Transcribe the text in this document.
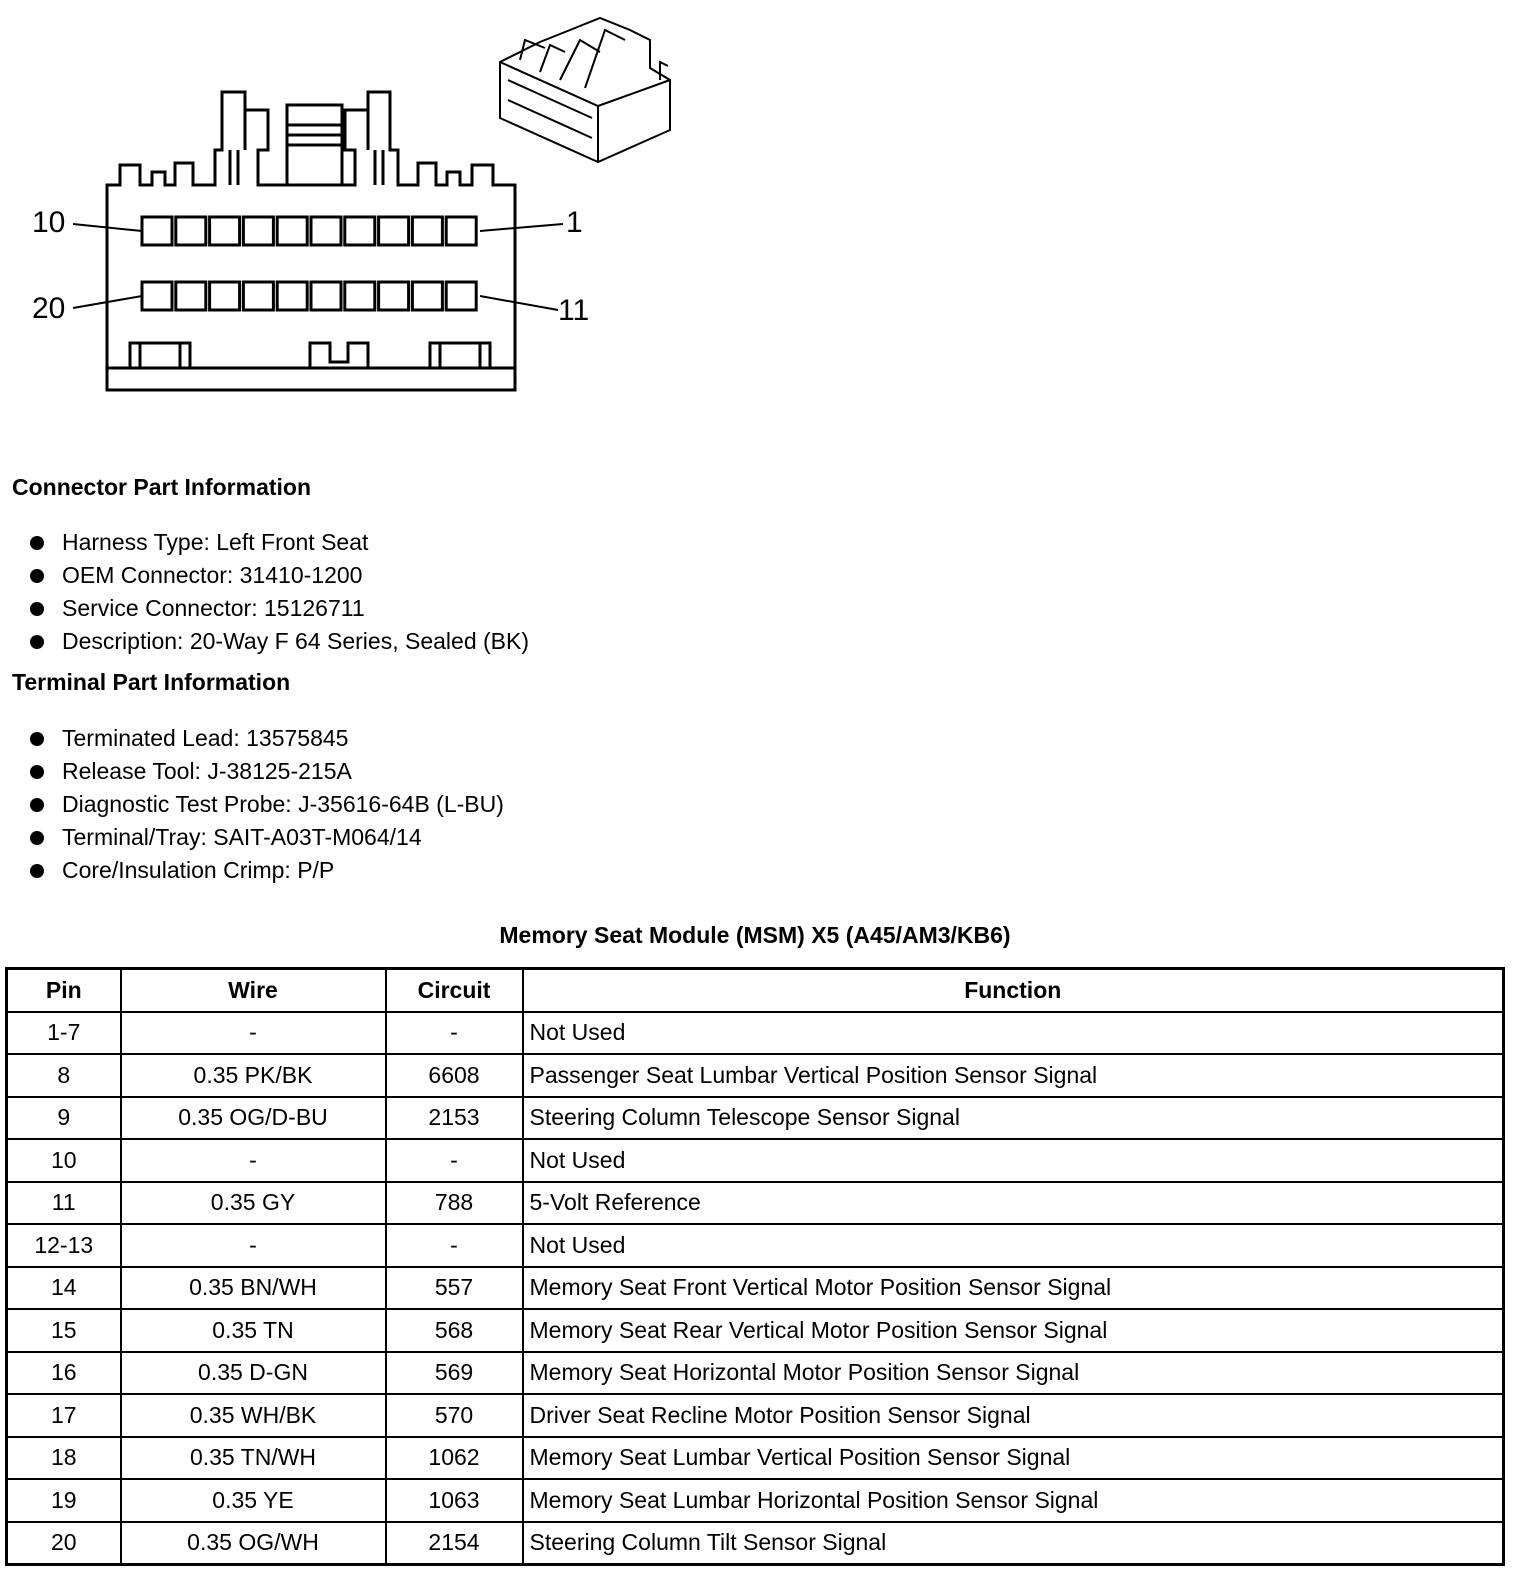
10	1
20	11
Connector Part Information
Harness Type: Left Front Seat
OEM Connector: 31410-1200
Service Connector: 15126711
Description: 20-Way F 64 Series, Sealed (BK)
Terminal Part Information
Terminated Lead: 13575845
Release Tool: J-38125-215A
Diagnostic Test Probe: J-35616-64B (L-BU)
Terminal/Tray: SAIT-A03T-M064/14
Core/Insulation Crimp: P/P
Memory Seat Module (MSM) X5 (A45/AM3/KB6)
Pin	Wire	Circuit	Function
1-7	-	-	Not Used
8	0.35 PK/BK	6608	Passenger Seat Lumbar Vertical Position Sensor Signal
9	0.35 OG/D-BU	2153	Steering Column Telescope Sensor Signal
10	-	-	Not Used
11	0.35 GY	788	5-Volt Reference
12-13	-	-	Not Used
14	0.35 BN/WH	557	Memory Seat Front Vertical Motor Position Sensor Signal
15	0.35 TN	568	Memory Seat Rear Vertical Motor Position Sensor Signal
16	0.35 D-GN	569	Memory Seat Horizontal Motor Position Sensor Signal
17	0.35 WH/BK	570	Driver Seat Recline Motor Position Sensor Signal
18	0.35 TN/WH	1062	Memory Seat Lumbar Vertical Position Sensor Signal
19	0.35 YE	1063	Memory Seat Lumbar Horizontal Position Sensor Signal
20	0.35 OG/WH	2154	Steering Column Tilt Sensor Signal
